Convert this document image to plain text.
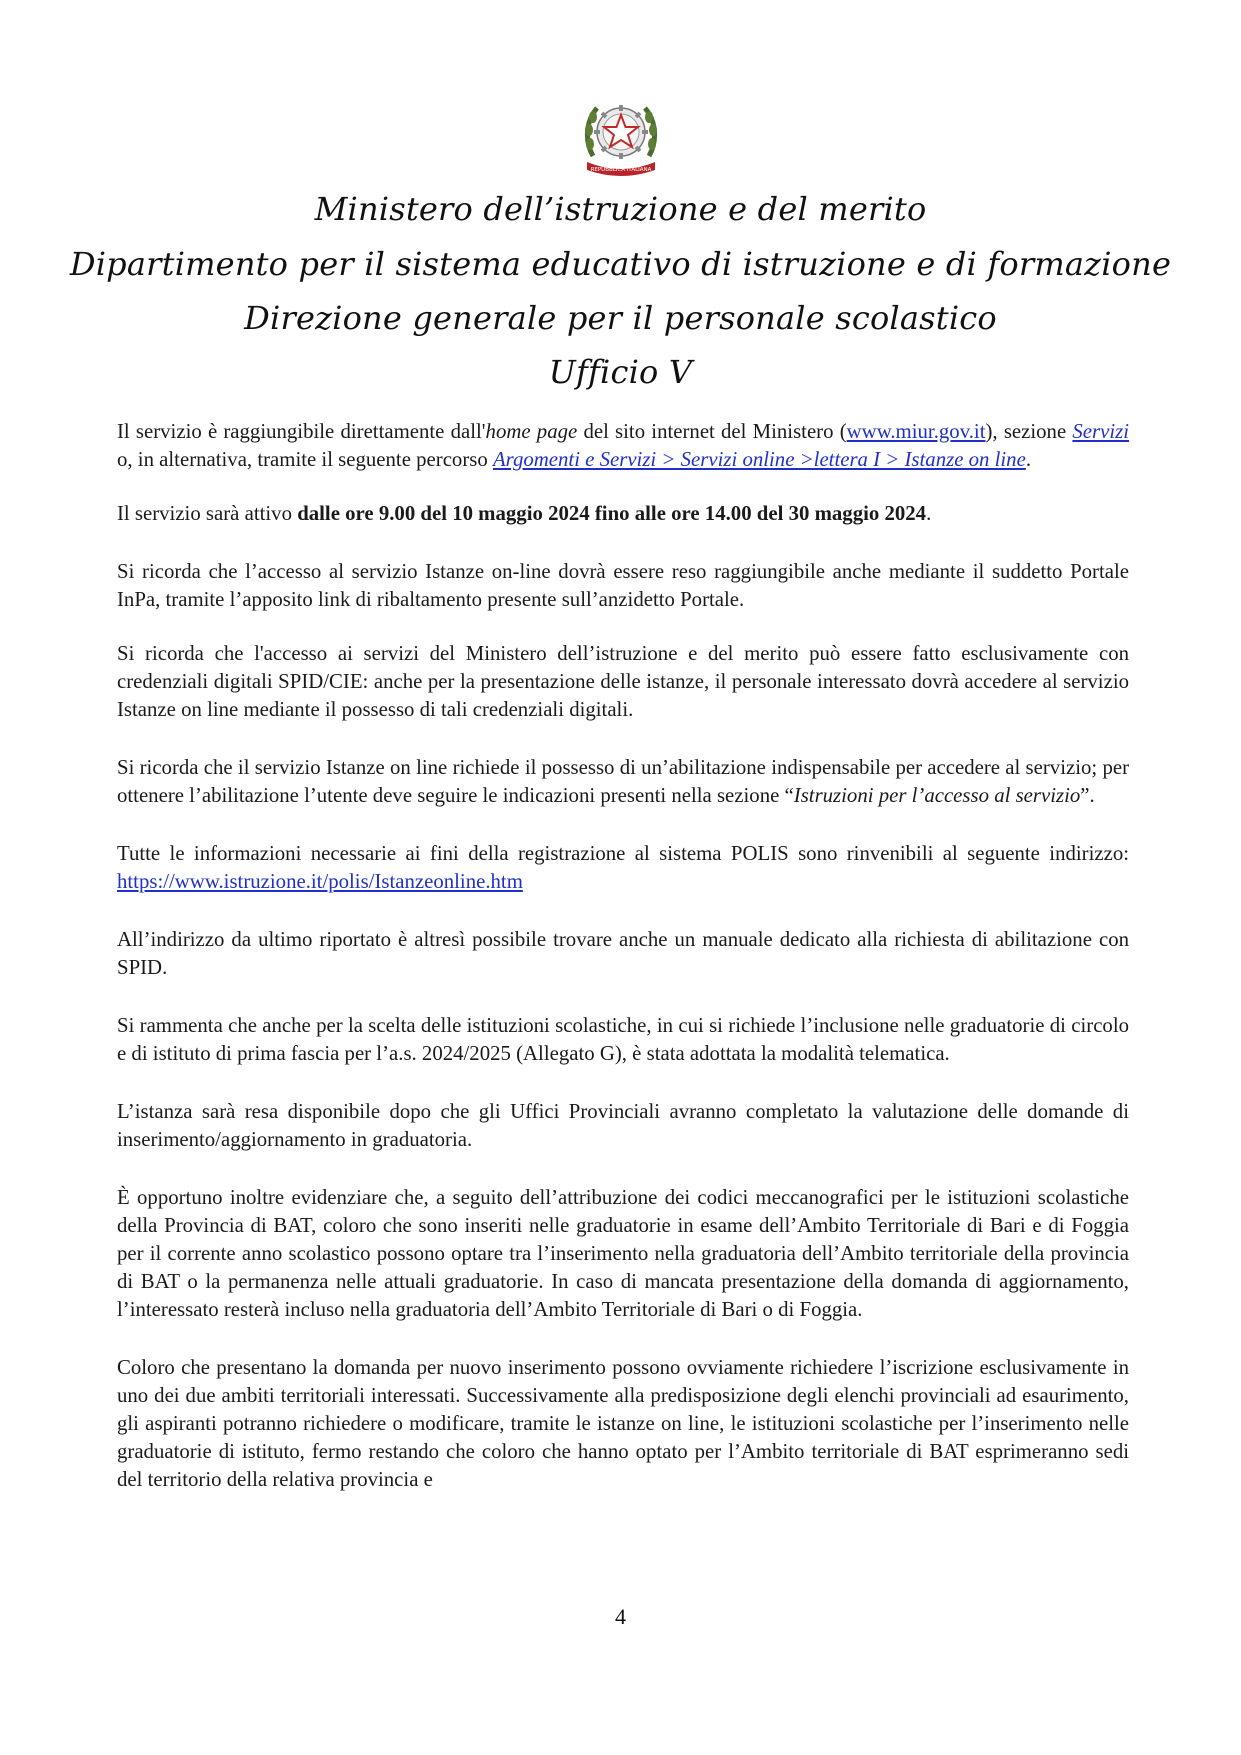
REPUBBLICA ITALIANA
Ministero dell’istruzione e del merito
Dipartimento per il sistema educativo di istruzione e di formazione
Direzione generale per il personale scolastico
Ufficio V

Il servizio è raggiungibile direttamente dall'home page del sito internet del Ministero (www.miur.gov.it), sezione Servizi o, in alternativa, tramite il seguente percorso Argomenti e Servizi > Servizi online >lettera I > Istanze on line.

Il servizio sarà attivo dalle ore 9.00 del 10 maggio 2024 fino alle ore 14.00 del 30 maggio 2024.

Si ricorda che l’accesso al servizio Istanze on-line dovrà essere reso raggiungibile anche mediante il suddetto Portale InPa, tramite l’apposito link di ribaltamento presente sull’anzidetto Portale.

Si ricorda che l'accesso ai servizi del Ministero dell’istruzione e del merito può essere fatto esclusivamente con credenziali digitali SPID/CIE: anche per la presentazione delle istanze, il personale interessato dovrà accedere al servizio Istanze on line mediante il possesso di tali credenziali digitali.

Si ricorda che il servizio Istanze on line richiede il possesso di un’abilitazione indispensabile per accedere al servizio; per ottenere l’abilitazione l’utente deve seguire le indicazioni presenti nella sezione “Istruzioni per l’accesso al servizio”.

Tutte le informazioni necessarie ai fini della registrazione al sistema POLIS sono rinvenibili al seguente indirizzo: https://www.istruzione.it/polis/Istanzeonline.htm

All’indirizzo da ultimo riportato è altresì possibile trovare anche un manuale dedicato alla richiesta di abilitazione con SPID.

Si rammenta che anche per la scelta delle istituzioni scolastiche, in cui si richiede l’inclusione nelle graduatorie di circolo e di istituto di prima fascia per l’a.s. 2024/2025 (Allegato G), è stata adottata la modalità telematica.

L’istanza sarà resa disponibile dopo che gli Uffici Provinciali avranno completato la valutazione delle domande di inserimento/aggiornamento in graduatoria.

È opportuno inoltre evidenziare che, a seguito dell’attribuzione dei codici meccanografici per le istituzioni scolastiche della Provincia di BAT, coloro che sono inseriti nelle graduatorie in esame dell’Ambito Territoriale di Bari e di Foggia per il corrente anno scolastico possono optare tra l’inserimento nella graduatoria dell’Ambito territoriale della provincia di BAT o la permanenza nelle attuali graduatorie. In caso di mancata presentazione della domanda di aggiornamento, l’interessato resterà incluso nella graduatoria dell’Ambito Territoriale di Bari o di Foggia.

Coloro che presentano la domanda per nuovo inserimento possono ovviamente richiedere l’iscrizione esclusivamente in uno dei due ambiti territoriali interessati. Successivamente alla predisposizione degli elenchi provinciali ad esaurimento, gli aspiranti potranno richiedere o modificare, tramite le istanze on line, le istituzioni scolastiche per l’inserimento nelle graduatorie di istituto, fermo restando che coloro che hanno optato per l’Ambito territoriale di BAT esprimeranno sedi del territorio della relativa provincia e

4
